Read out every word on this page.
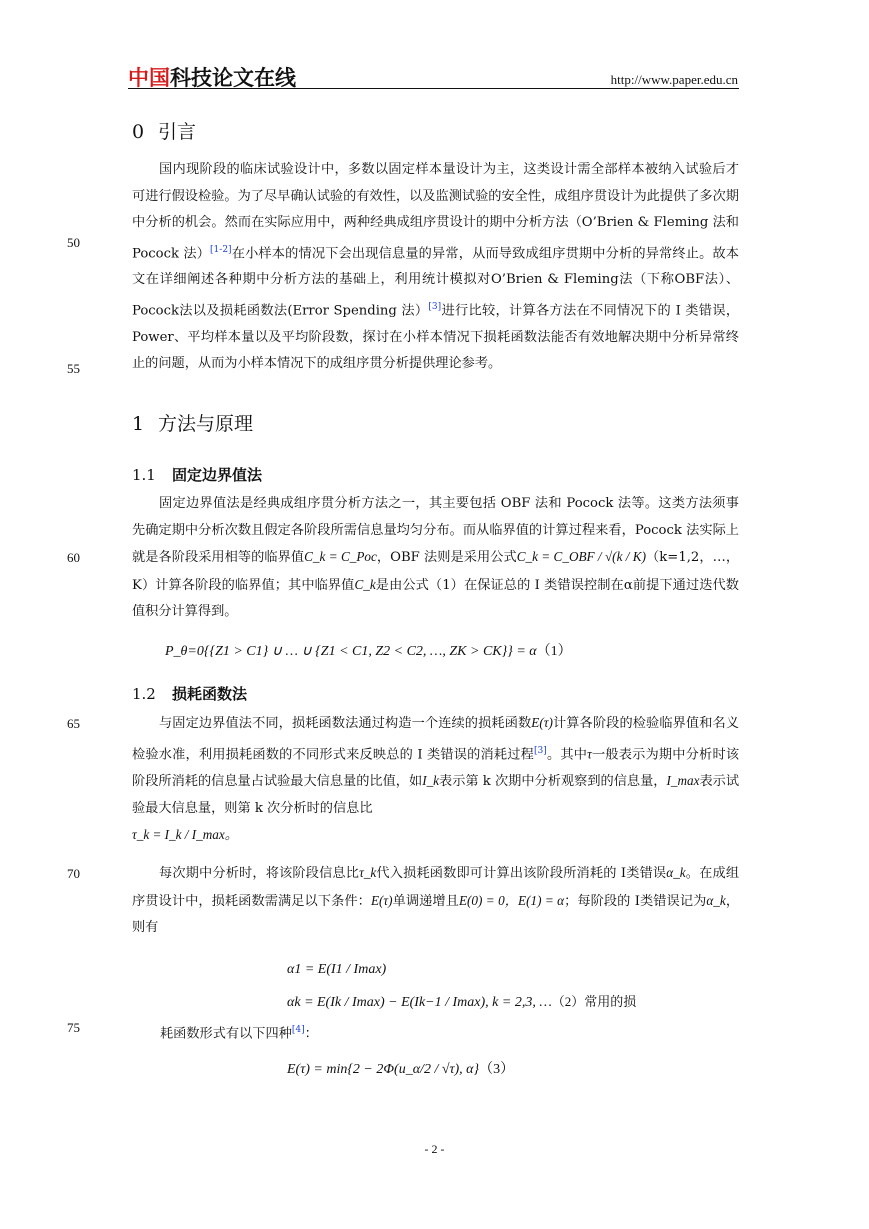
中国科技论文在线	http://www.paper.edu.cn
50
55
60
65
70
75
0 引言

国内现阶段的临床试验设计中，多数以固定样本量设计为主，这类设计需全部样本被纳入试验后才可进行假设检验。为了尽早确认试验的有效性，以及监测试验的安全性，成组序贯设计为此提供了多次期中分析的机会。然而在实际应用中，两种经典成组序贯设计的期中分析方法（O’Brien & Fleming 法和 Pocock 法）[1-2]在小样本的情况下会出现信息量的异常，从而导致成组序贯期中分析的异常终止。故本文在详细阐述各种期中分析方法的基础上，利用统计模拟对O’Brien & Fleming法（下称OBF法）、Pocock法以及损耗函数法(Error Spending 法）[3]进行比较，计算各方法在不同情况下的 I 类错误，Power、平均样本量以及平均阶段数，探讨在小样本情况下损耗函数法能否有效地解决期中分析异常终止的问题，从而为小样本情况下的成组序贯分析提供理论参考。

1 方法与原理
1.1 固定边界值法

固定边界值法是经典成组序贯分析方法之一，其主要包括 OBF 法和 Pocock 法等。这类方法须事先确定期中分析次数且假定各阶段所需信息量均匀分布。而从临界值的计算过程来看，Pocock 法实际上就是各阶段采用相等的临界值C_k = C_Poc，OBF 法则是采用公式C_k = C_OBF / √(k / K)（k=1,2，…，K）计算各阶段的临界值；其中临界值C_k是由公式（1）在保证总的 I 类错误控制在α前提下通过迭代数值积分计算得到。

P_θ=0{{Z1 > C1} ∪ … ∪ {Z1 < C1, Z2 < C2, …, ZK > CK}} = α（1）
1.2 损耗函数法

与固定边界值法不同，损耗函数法通过构造一个连续的损耗函数E(τ)计算各阶段的检验临界值和名义检验水准，利用损耗函数的不同形式来反映总的 I 类错误的消耗过程[3]。其中τ一般表示为期中分析时该阶段所消耗的信息量占试验最大信息量的比值，如I_k表示第 k 次期中分析观察到的信息量，I_max表示试验最大信息量，则第 k 次分析时的信息比

τ_k = I_k / I_max。

每次期中分析时，将该阶段信息比τ_k代入损耗函数即可计算出该阶段所消耗的 I类错误α_k。在成组序贯设计中，损耗函数需满足以下条件：E(τ)单调递增且E(0) = 0，E(1) = α；每阶段的 I类错误记为α_k，则有

α1 = E(I1 / Imax)
αk = E(Ik / Imax) − E(Ik−1 / Imax), k = 2,3, …（2）常用的损

耗函数形式有以下四种[4]：

E(τ) = min{2 − 2Φ(u_α/2 / √τ), α}（3）
- 2 -
